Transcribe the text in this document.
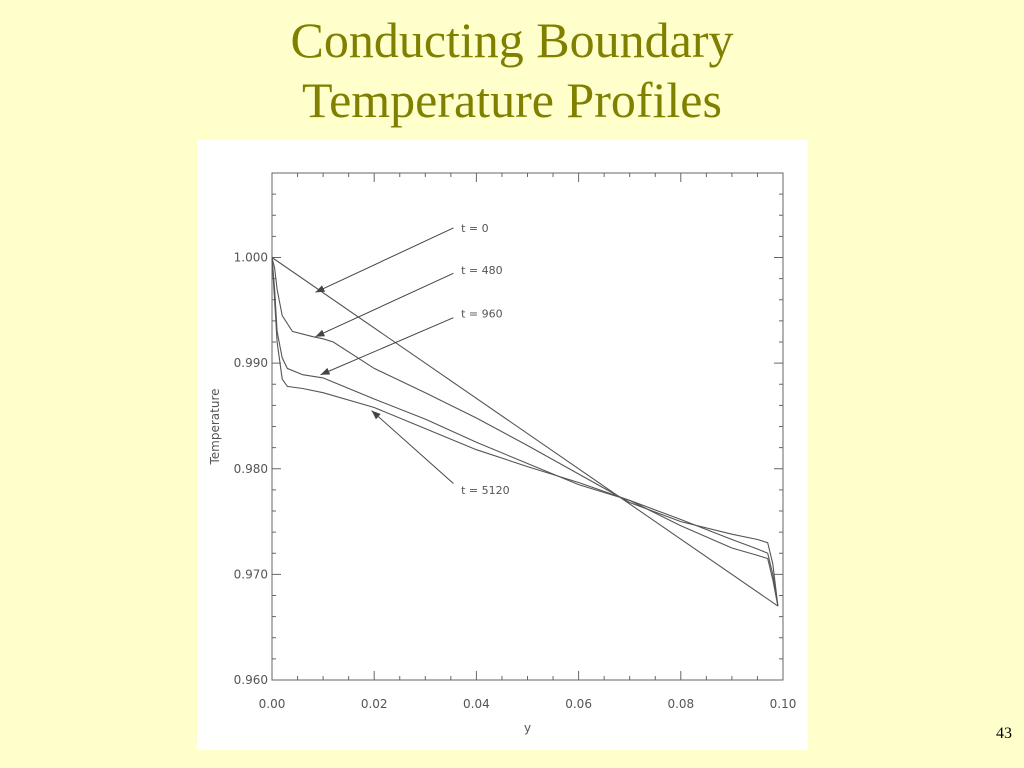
Conducting Boundary
Temperature Profiles
0.00	0.02	0.04	0.06	0.08	0.10
0.960
0.970
0.980
0.990
1.000
y
Temperature
t = 0
t = 480
t = 960
t = 5120
43
